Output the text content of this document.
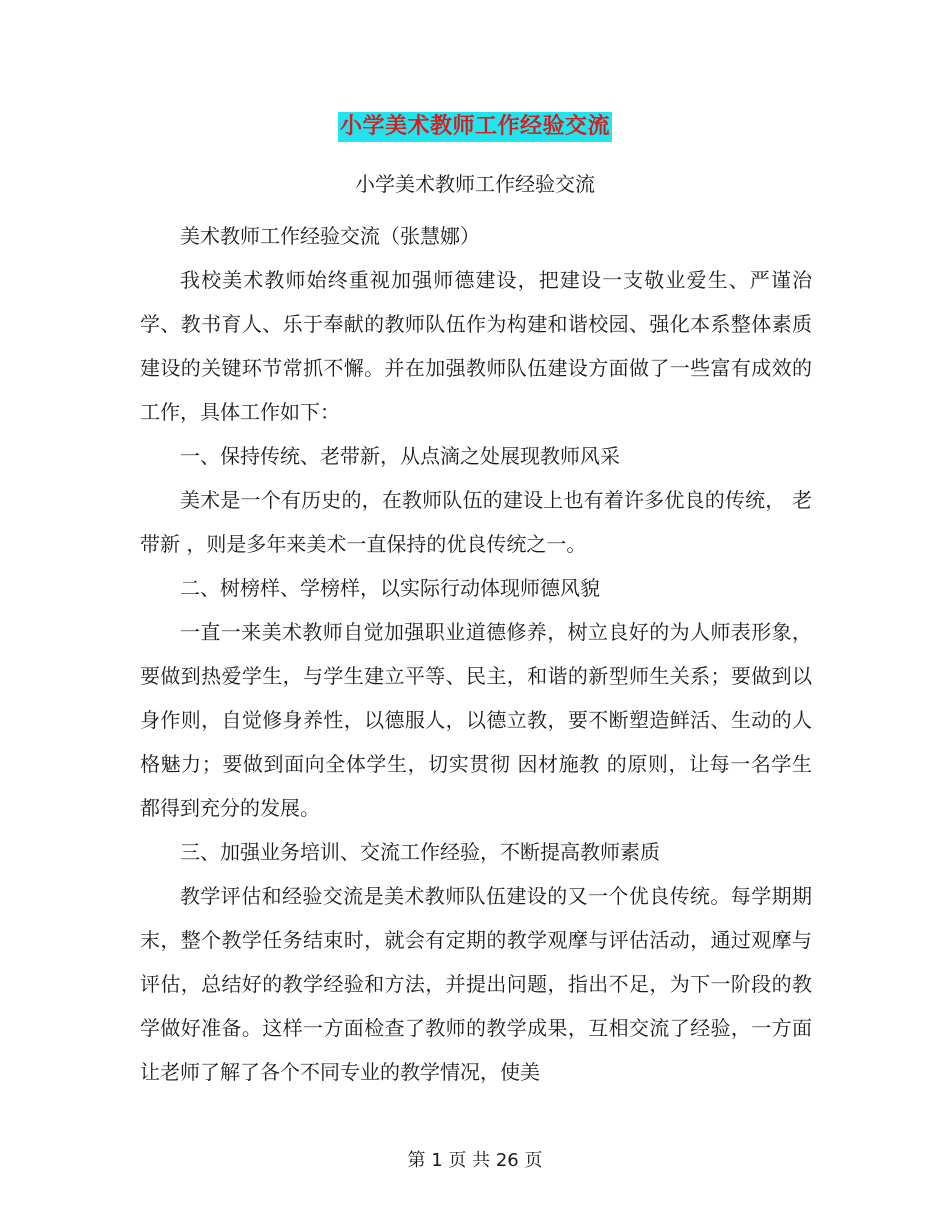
小学美术教师工作经验交流
小学美术教师工作经验交流

美术教师工作经验交流（张慧娜）

我校美术教师始终重视加强师德建设，把建设一支敬业爱生、严谨治学、教书育人、乐于奉献的教师队伍作为构建和谐校园、强化本系整体素质建设的关键环节常抓不懈。并在加强教师队伍建设方面做了一些富有成效的工作，具体工作如下：

一、保持传统、老带新，从点滴之处展现教师风采

美术是一个有历史的，在教师队伍的建设上也有着许多优良的传统， 老带新 ，则是多年来美术一直保持的优良传统之一。

二、树榜样、学榜样，以实际行动体现师德风貌

一直一来美术教师自觉加强职业道德修养，树立良好的为人师表形象，要做到热爱学生，与学生建立平等、民主，和谐的新型师生关系；要做到以身作则，自觉修身养性，以德服人，以德立教，要不断塑造鲜活、生动的人格魅力；要做到面向全体学生，切实贯彻 因材施教 的原则，让每一名学生都得到充分的发展。

三、加强业务培训、交流工作经验，不断提高教师素质

教学评估和经验交流是美术教师队伍建设的又一个优良传统。每学期期末，整个教学任务结束时，就会有定期的教学观摩与评估活动，通过观摩与评估，总结好的教学经验和方法，并提出问题，指出不足，为下一阶段的教学做好准备。这样一方面检查了教师的教学成果，互相交流了经验，一方面让老师了解了各个不同专业的教学情况，使美

第 1 页 共 26 页
